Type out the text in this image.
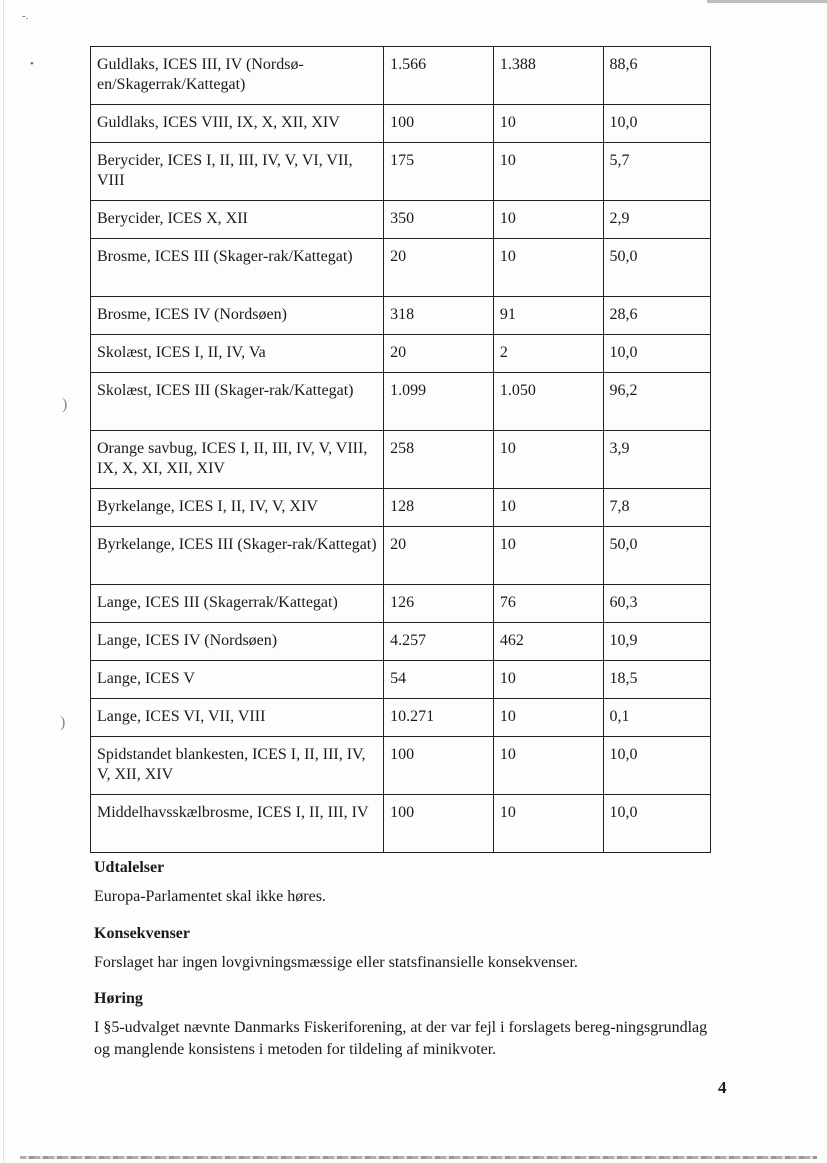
-.
•
)
)
Guldlaks, ICES III, IV (Nordsø-en/Skagerrak/Kattegat)	1.566	1.388	88,6
Guldlaks, ICES VIII, IX, X, XII, XIV	100	10	10,0
Berycider, ICES I, II, III, IV, V, VI, VII, VIII	175	10	5,7
Berycider, ICES X, XII	350	10	2,9
Brosme, ICES III (Skager-rak/Kattegat)	20	10	50,0
Brosme, ICES IV (Nordsøen)	318	91	28,6
Skolæst, ICES I, II, IV, Va	20	2	10,0
Skolæst, ICES III (Skager-rak/Kattegat)	1.099	1.050	96,2
Orange savbug, ICES I, II, III, IV, V, VIII, IX, X, XI, XII, XIV	258	10	3,9
Byrkelange, ICES I, II, IV, V, XIV	128	10	7,8
Byrkelange, ICES III (Skager-rak/Kattegat)	20	10	50,0
Lange, ICES III (Skagerrak/Kattegat)	126	76	60,3
Lange, ICES IV (Nordsøen)	4.257	462	10,9
Lange, ICES V	54	10	18,5
Lange, ICES VI, VII, VIII	10.271	10	0,1
Spidstandet blankesten, ICES I, II, III, IV, V, XII, XIV	100	10	10,0
Middelhavsskælbrosme, ICES I, II, III, IV	100	10	10,0
Udtalelser
Europa-Parlamentet skal ikke høres.
Konsekvenser
Forslaget har ingen lovgivningsmæssige eller statsfinansielle konsekvenser.
Høring
I §5-udvalget nævnte Danmarks Fiskeriforening, at der var fejl i forslagets bereg-ningsgrundlag og manglende konsistens i metoden for tildeling af minikvoter.
4
